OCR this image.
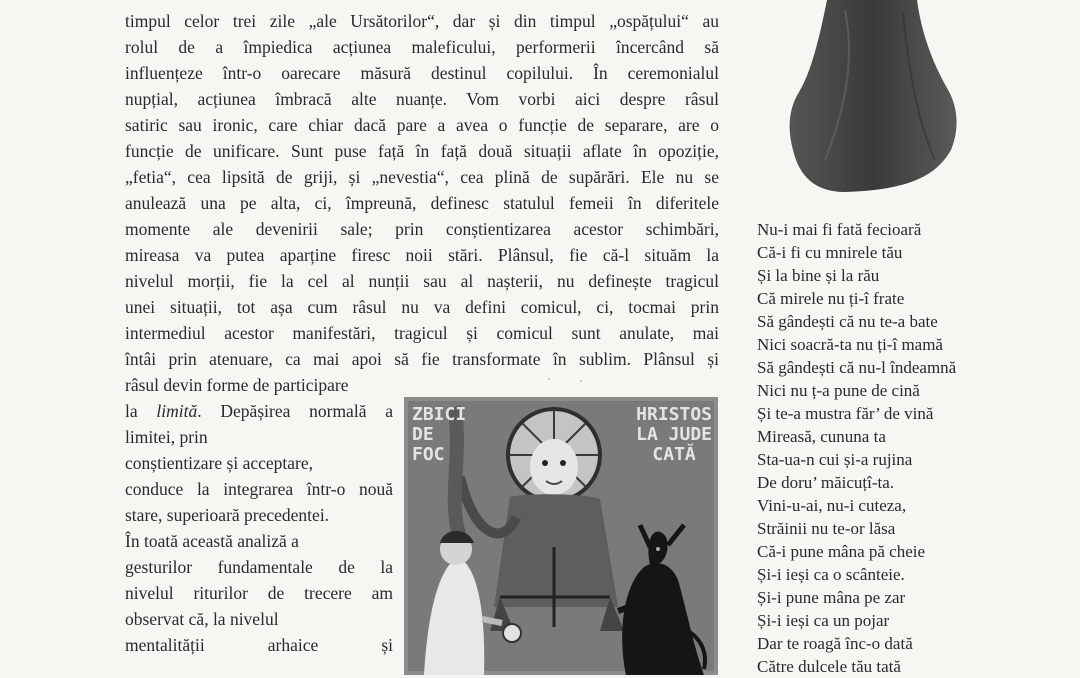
timpul celor trei zile „ale Ursătorilor“, dar și din timpul „ospățului“ au
rolul de a împiedica acțiunea maleficului, performerii încercând să
influențeze într-o oarecare măsură destinul copilului. În ceremonialul
nupțial, acțiunea îmbracă alte nuanțe. Vom vorbi aici despre râsul
satiric sau ironic, care chiar dacă pare a avea o funcție de separare, are o
funcție de unificare. Sunt puse față în față două situații aflate în opoziție,
„fetia“, cea lipsită de griji, și „nevestia“, cea plină de supărări. Ele nu se
anulează una pe alta, ci, împreună, definesc statulul femeii în diferitele
momente ale devenirii sale; prin conștientizarea acestor schimbări,
mireasa va putea aparține firesc noii stări. Plânsul, fie că-l situăm la
nivelul morții, fie la cel al nunții sau al nașterii, nu definește tragicul
unei situații, tot așa cum râsul nu va defini comicul, ci, tocmai prin
intermediul acestor manifestări, tragicul și comicul sunt anulate, mai
întâi prin atenuare, ca mai apoi să fie transformate în sublim. Plânsul și
râsul devin forme de participare
la limită. Depășirea normală a
limitei, prin
conștientizare și acceptare,
conduce la integrarea într-o nouă
stare, superioară precedentei.
În toată această analiză a
gesturilor fundamentale de la
nivelul riturilor de trecere am
observat că, la nivelul
mentalității arhaice și
ZBICI
DE
FOC
HRISTOS
LA JUDE
CATĂ
Nu-i mai fi fată fecioară
Că-i fi cu mnirele tău
Și la bine și la rău
Că mirele nu ți-î frate
Să gândești că nu te-a bate
Nici soacră-ta nu ți-î mamă
Să gândești că nu-l îndeamnă
Nici nu ț-a pune de cină
Și te-a mustra făr’ de vină
Mireasă, cununa ta
Sta-ua-n cui și-a rujina
De doru’ măicuțî-ta.
Vini-u-ai, nu-i cuteza,
Străinii nu te-or lăsa
Că-i pune mâna pă cheie
Și-i ieși ca o scânteie.
Și-i pune mâna pe zar
Și-i ieși ca un pojar
Dar te roagă înc-o dată
Către dulcele tău tată
